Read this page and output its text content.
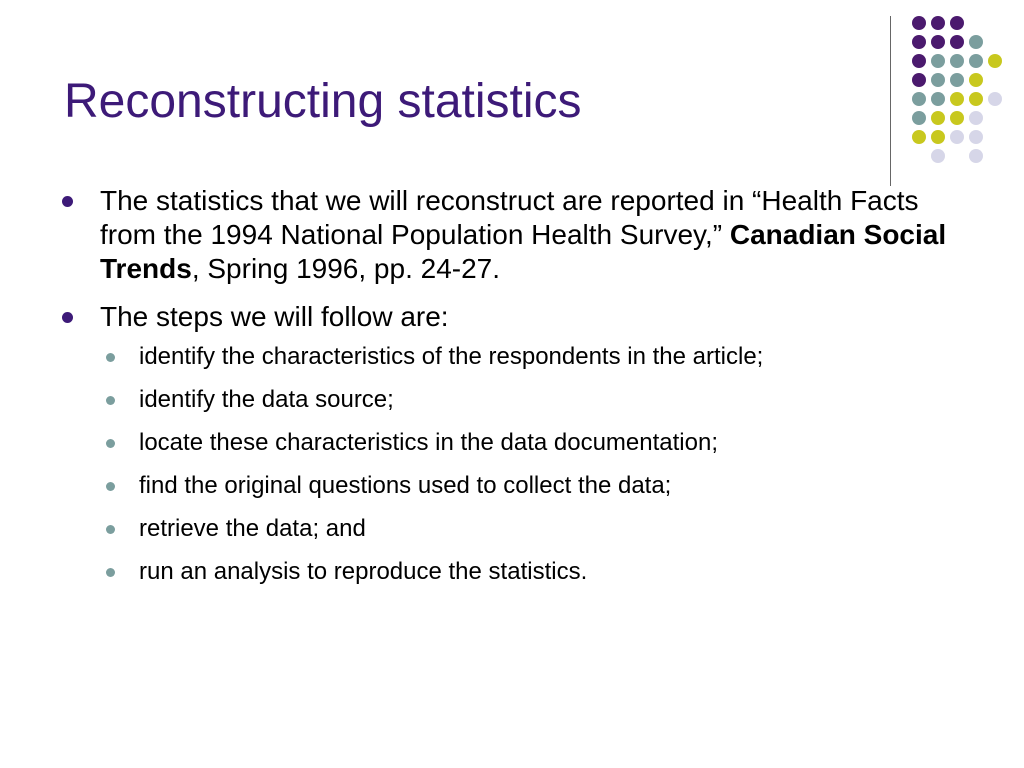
Reconstructing statistics
The statistics that we will reconstruct are reported in “Health Facts from the 1994 National Population Health Survey,” Canadian Social Trends, Spring 1996, pp. 24-27.
The steps we will follow are:
identify the characteristics of the respondents in the article;
identify the data source;
locate these characteristics in the data documentation;
find the original questions used to collect the data;
retrieve the data; and
run an analysis to reproduce the statistics.
